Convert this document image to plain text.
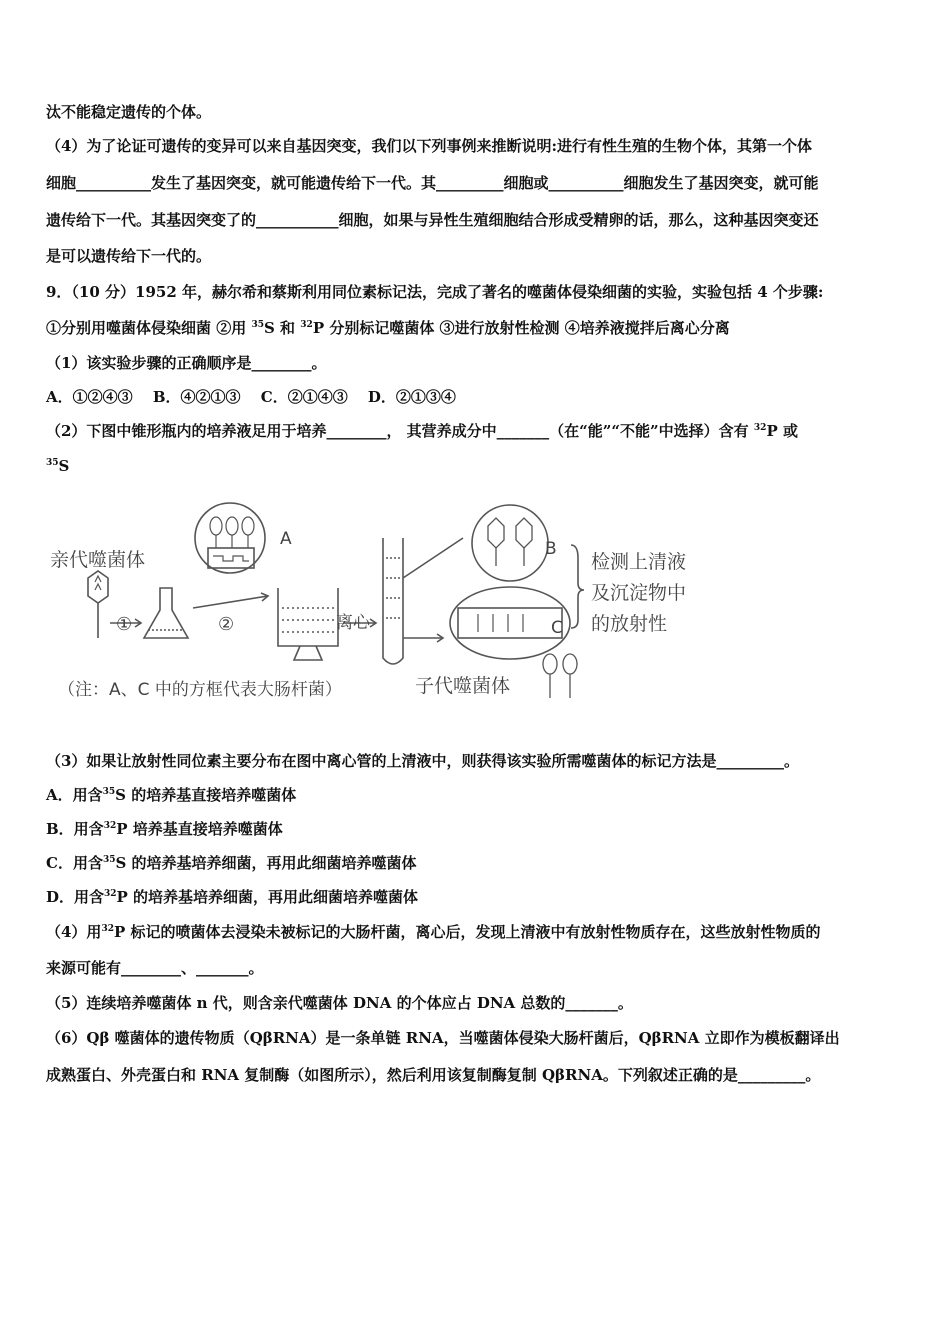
汰不能稳定遗传的个体。
（4）为了论证可遗传的变异可以来自基因突变，我们以下列事例来推断说明:进行有性生殖的生物个体，其第一个体
细胞__________发生了基因突变，就可能遗传给下一代。其_________细胞或__________细胞发生了基因突变，就可能
遗传给下一代。其基因突变了的___________细胞，如果与异性生殖细胞结合形成受精卵的话，那么，这种基因突变还
是可以遗传给下一代的。
9．（10 分）1952 年，赫尔希和蔡斯利用同位素标记法，完成了著名的噬菌体侵染细菌的实验，实验包括 4 个步骤:
①分别用噬菌体侵染细菌 ②用 $^{35}$S 和 $^{32}$P 分别标记噬菌体 ③进行放射性检测 ④培养液搅拌后离心分离
（1）该实验步骤的正确顺序是________。
A．①②④③　 B．④②①③　 C．②①④③　 D．②①③④
（2）下图中锥形瓶内的培养液足用于培养________， 其营养成分中_______（在“能”“不能”中选择）含有 $^{32}$P 或
$^{35}$S
亲代噬菌体
①	②
A
离心
B
C
检测上清液
及沉淀物中
的放射性
子代噬菌体
（注：A、C 中的方框代表大肠杆菌）
（3）如果让放射性同位素主要分布在图中离心管的上清液中，则获得该实验所需噬菌体的标记方法是_________。
A．用含$^{35}$S 的培养基直接培养噬菌体
B．用含$^{32}$P 培养基直接培养噬菌体
C．用含$^{35}$S 的培养基培养细菌，再用此细菌培养噬菌体
D．用含$^{32}$P 的培养基培养细菌，再用此细菌培养噬菌体
（4）用$^{32}$P 标记的喷菌体去浸染未被标记的大肠杆菌，离心后，发现上清液中有放射性物质存在，这些放射性物质的
来源可能有________、_______。
（5）连续培养噬菌体 n 代，则含亲代噬菌体 DNA 的个体应占 DNA 总数的_______。
（6）Qβ 噬菌体的遗传物质（QβRNA）是一条单链 RNA，当噬菌体侵染大肠杆菌后，QβRNA 立即作为模板翻译出
成熟蛋白、外壳蛋白和 RNA 复制酶（如图所示），然后利用该复制酶复制 QβRNA。下列叙述正确的是_________。
